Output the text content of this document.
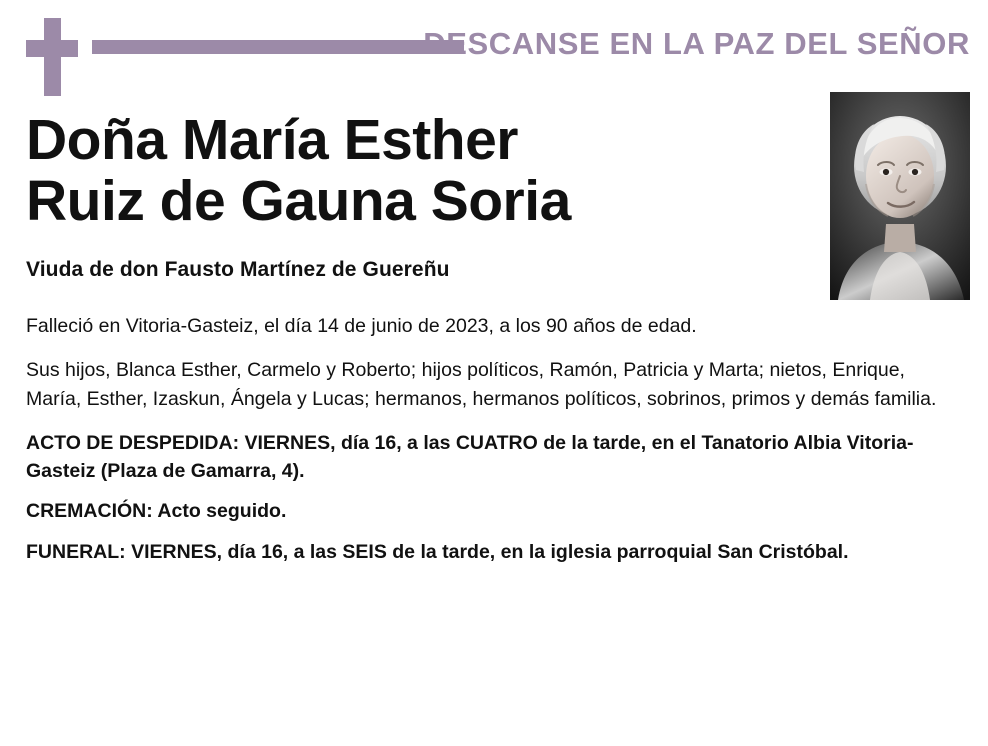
DESCANSE EN LA PAZ DEL SEÑOR
Doña María Esther
Ruiz de Gauna Soria
Viuda de don Fausto Martínez de Guereñu
Falleció en Vitoria-Gasteiz, el día 14 de junio de 2023, a los 90 años de edad.
Sus hijos, Blanca Esther, Carmelo y Roberto; hijos políticos, Ramón, Patricia y Marta; nietos, Enrique, María, Esther, Izaskun, Ángela y Lucas; hermanos, hermanos políticos, sobrinos, primos y demás familia.
ACTO DE DESPEDIDA: VIERNES, día 16, a las CUATRO de la tarde, en el Tanatorio Albia Vitoria-Gasteiz (Plaza de Gamarra, 4).
CREMACIÓN: Acto seguido.
FUNERAL: VIERNES, día 16, a las SEIS de la tarde, en la iglesia parroquial San Cristóbal.
